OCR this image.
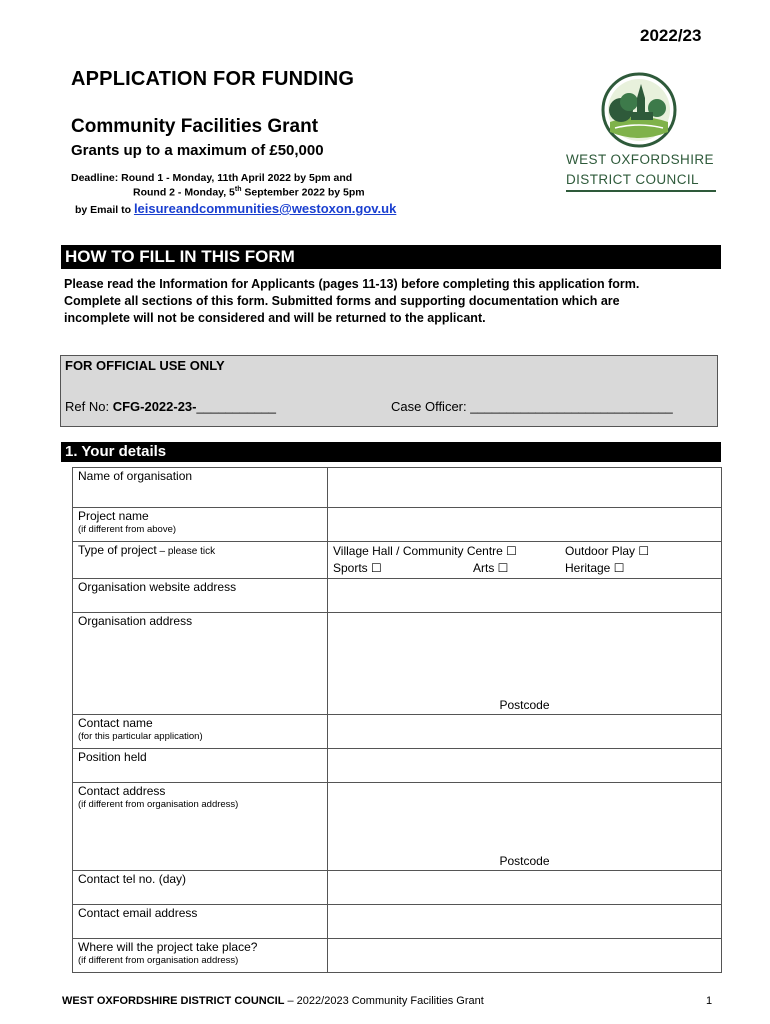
2022/23
APPLICATION FOR FUNDING
Community Facilities Grant
Grants up to a maximum of £50,000
Deadline: Round 1 - Monday, 11th April 2022 by 5pm and
Round 2 - Monday, 5th September 2022 by 5pm
by Email to leisureandcommunities@westoxon.gov.uk
WEST OXFORDSHIRE
DISTRICT COUNCIL
HOW TO FILL IN THIS FORM
Please read the Information for Applicants (pages 11-13) before completing this application form. Complete all sections of this form. Submitted forms and supporting documentation which are incomplete will not be considered and will be returned to the applicant.
FOR OFFICIAL USE ONLY
Ref No: CFG-2022-23-___________	Case Officer: ____________________________
1. Your details
Name of organisation	
Project name
(if different from above)	

Type of project – please tick	Village Hall / Community Centre ☐ Outdoor Play ☐
Sports ☐ Arts ☐ Heritage ☐
Organisation website address	
Organisation address	Postcode

Contact name
(for this particular application)	

Position held	
Contact address
(if different from organisation address)	Postcode

Contact tel no. (day)	
Contact email address	
Where will the project take place?
(if different from organisation address)	

WEST OXFORDSHIRE DISTRICT COUNCIL – 2022/2023 Community Facilities Grant	1
